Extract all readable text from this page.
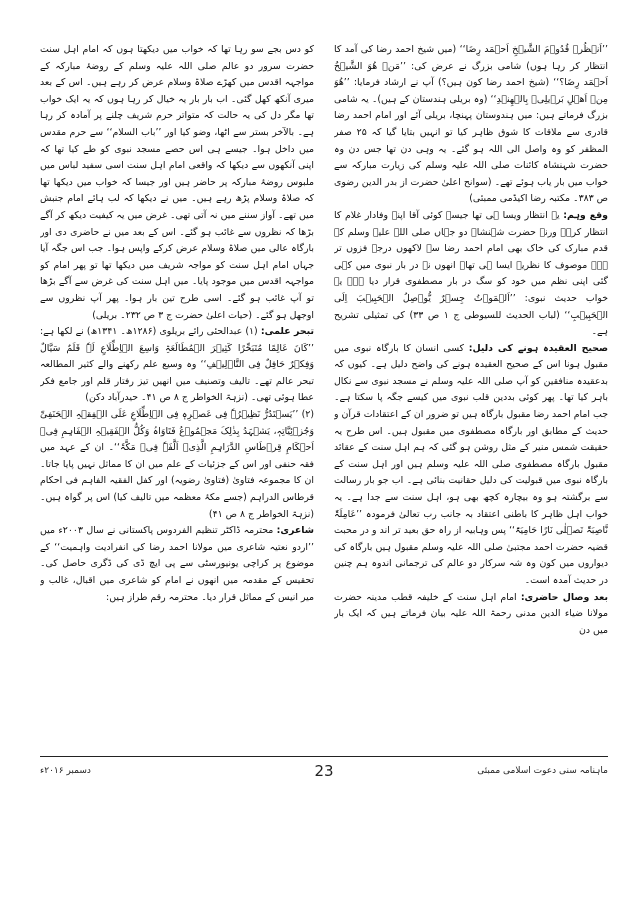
’’اَنۡظُرۡ قُدُوۡمَ الشَّیۡخِ اَحۡمَد رِضَا‘‘ (میں شیخ احمد رضا کی آمد کا انتظار کر رہا ہوں) شامی بزرگ نے عرض کی: ’’مَنۡ ھُوَ الشَّیۡخُ اَحۡمَد رِضَا؟‘‘ (شیخ احمد رضا کون ہیں؟) آپ نے ارشاد فرمایا: ’’ھُوَ مِنۡ اَھۡلِ بَرۡیلِیۡ بِالۡھِنۡدِ‘‘ (وہ بریلی ہندستان کے ہیں)۔ یہ شامی بزرگ فرماتے ہیں: میں ہندوستان پہنچا، بریلی آئے اور امام احمد رضا قادری سے ملاقات کا شوق ظاہر کیا تو انہیں بتایا گیا کہ ۲۵ صفر المظفر کو وہ واصل الی اللہ ہو گئے۔ یہ وہی دن تھا جس دن وہ حضرت شہنشاہ کائنات صلی اللہ علیہ وسلم کی زیارت مبارکہ سے خواب میں بار یاب ہوئے تھے۔ (سوانح اعلیٰ حضرت از بدر الدین رضوی ص ۳۸۳۔ مکتبہ رضا اکیڈمی ممبئی)

وقع وہم: یہ انتظار ویسا ہی تھا جیسے کوئی آقا اپنے وفادار غلام کا انتظار کرے۔ ورنہ حضرت شہنشاہ دو جہاں صلی اللہ علیہ وسلم کے قدم مبارک کی خاک بھی امام احمد رضا سے لاکھوں درجہ فزوں تر ہے۔ موصوف کا نظریہ ایسا ہی تھا۔ انھوں نے در بار نبوی میں کہی گئی اپنی نظم میں خود کو سگ در بار مصطفوی قرار دیا ہے۔ یہ خواب حدیث نبوی: ’’اَلۡمَوۡتُ جِسۡرٌ یُّوۡصِلُ الۡحَبِیۡبَ اِلَی الۡحَبِیۡبِ‘‘ (لباب الحدیث للسیوطی ج ۱ ص ۳۳) کی تمثیلی تشریح ہے۔

صحیح العقیدہ ہونے کی دلیل: کسی انسان کا بارگاہ نبوی میں مقبول ہونا اس کے صحیح العقیدہ ہونے کی واضح دلیل ہے۔ کیوں کہ بدعقیدہ منافقین کو آپ صلی اللہ علیہ وسلم نے مسجد نبوی سے نکال باہر کیا تھا۔ پھر کوئی بددین قلب نبوی میں کیسے جگہ پا سکتا ہے۔ جب امام احمد رضا مقبول بارگاہ ہیں تو ضرور ان کے اعتقادات قرآن و حدیث کے مطابق اور بارگاہ مصطفوی میں مقبول ہیں۔ اس طرح یہ حقیقت شمس منیر کے مثل روشن ہو گئی کہ ہم اہل سنت کے عقائد مقبول بارگاہ مصطفوی صلی اللہ علیہ وسلم ہیں اور اہل سنت کے بارگاہ نبوی میں قبولیت کی دلیل حقانیت بنائی ہے۔ اب جو بار رسالت سے برگشتہ ہو وہ بیچارہ کچھ بھی ہو، اہل سنت سے جدا ہے۔ یہ خواب اہل ظاہر کا باطنی اعتقاد بہ جانب رب تعالیٰ فرمودہ ’’عَامِلَۃٌ نَّاصِبَۃٌ تَصۡلٰی نَارًا حَامِیَۃً‘‘ پس وہابیہ از راہ حق بعید تر اند و در محبت قضیہ حضرت احمد مجتبیٰ صلی اللہ علیہ وسلم مقبول ہیں بارگاہ کی دیواروں میں کون وہ شہ سرکار دو عالم کی ترجمانی اندوہ ہم چنین در حدیث آمدہ است۔

بعد وصال حاضری: امام اہل سنت کے خلیفہ قطب مدینہ حضرت مولانا ضیاء الدین مدنی رحمۃ اللہ علیہ بیان فرماتے ہیں کہ ایک بار میں دن

کو دس بجے سو رہا تھا کہ خواب میں دیکھتا ہوں کہ امام اہل سنت حضرت سرور دو عالم صلی اللہ علیہ وسلم کے روضۂ مبارکہ کے مواجہہ اقدس میں کھڑے صلاۃ وسلام عرض کر رہے ہیں۔ اس کے بعد میری آنکھ کھل گئی۔ اب بار بار یہ خیال کر رہا ہوں کہ یہ ایک خواب تھا مگر دل کی یہ حالت کہ متواتر حرم شریف چلنے پر آمادہ کر رہا ہے۔ بالآخر بستر سے اٹھا، وضو کیا اور ’’باب السلام‘‘ سے حرم مقدس میں داخل ہوا۔ جیسے ہی اس حصے مسجد نبوی کو طے کیا تھا کہ اپنی آنکھوں سے دیکھا کہ واقعی امام اہل سنت اسی سفید لباس میں ملبوس روضۂ مبارکہ پر حاضر ہیں اور جیسا کہ خواب میں دیکھا تھا کہ صلاۃ وسلام پڑھ رہے ہیں۔ میں نے دیکھا کہ لب ہائے امام جنبش میں تھے۔ آواز سننے میں نہ آتی تھی۔ غرض میں یہ کیفیت دیکھ کر آگے بڑھا کہ نظروں سے غائب ہو گئے۔ اس کے بعد میں نے حاضری دی اور بارگاہ عالی میں صلاۃ وسلام عرض کرکے واپس ہوا۔ جب اس جگہ آیا جہاں امام اہل سنت کو مواجہ شریف میں دیکھا تھا تو پھر امام کو مواجہہ اقدس میں موجود پایا۔ میں اہل سنت کی غرض سے آگے بڑھا تو آپ غائب ہو گئے۔ اسی طرح تین بار ہوا۔ پھر آپ نظروں سے اوجھل ہو گئے۔ (حیات اعلیٰ حضرت ج ۳ ص ۲۳۲۔ بریلی)

تبحر علمی: (۱) عبدالحئی رائے بریلوی (۱۲۸۶ھ۔ ۱۳۴۱ھ) نے لکھا ہے: ’’کَانَ عَالِمًا مُتَبَحِّرًا کَثِیۡرَ الۡمُطَالَعَۃِ وَاسِعَ الۡاِطِّلَاعِ لَہٗ قَلَمٌ سَیَّالٌ وَفِکۡرٌ حَافِلٌ فِی التَّاۡلِیۡفِ‘‘ وہ وسیع علم رکھنے والے کثیر المطالعہ تبحر عالم تھے۔ تالیف وتصنیف میں انھیں تیز رفتار قلم اور جامع فکر عطا ہوئی تھی۔ (نزہۃ الخواطر ج ۸ ص ۴۱۔ حیدرآباد دکن)

(۲) ’’یَسۡتَدُرُّ نَظِیۡرُہٗ فِی عَصۡرِہٖ فِی الۡاِطِّلَاعِ عَلَی الۡفِقۡہِ الۡحَنَفِیِّ وَجُزۡئِیَّاتِہٖ، یَشۡہَدُ بِذٰلِکَ مَجۡمُوۡعُ فَتَاوَاہُ وَکُلُّ الۡفَقِیۡہِ الۡفَاہِمِ فِیۡ اَحۡکَامِ قِرۡطَاسِ الدَّرَاہِمِ الَّذِیۡ اَلَّفَہٗ فِیۡ مَکَّۃَ‘‘۔ ان کے عہد میں فقہ حنفی اور اس کے جزئیات کے علم میں ان کا مماثل نہیں پایا جاتا۔ ان کا مجموعہ فتاویٰ (فتاویٰ رضویہ) اور کفل الفقیہ الفاہم فی احکام قرطاس الدراہم (جسے مکۂ معظمہ میں تالیف کیا) اس پر گواہ ہیں۔ (نزہۃ الخواطر ج ۸ ص ۴۱)

شاعری: محترمہ ڈاکٹر تنظیم الفردوس پاکستانی نے سال ۲۰۰۳ء میں ’’اردو نعتیہ شاعری میں مولانا احمد رضا کی انفرادیت واہمیت‘‘ کے موضوع پر کراچی یونیورسٹی سے پی ایچ ڈی کی ڈگری حاصل کی۔ تحقیس کے مقدمہ میں انھوں نے امام کو شاعری میں اقبال، غالب و میر انیس کے مماثل قرار دیا۔ محترمہ رقم طراز ہیں:

ماہنامہ سنی دعوت اسلامی ممبئی
23
دسمبر ۲۰۱۶ء
